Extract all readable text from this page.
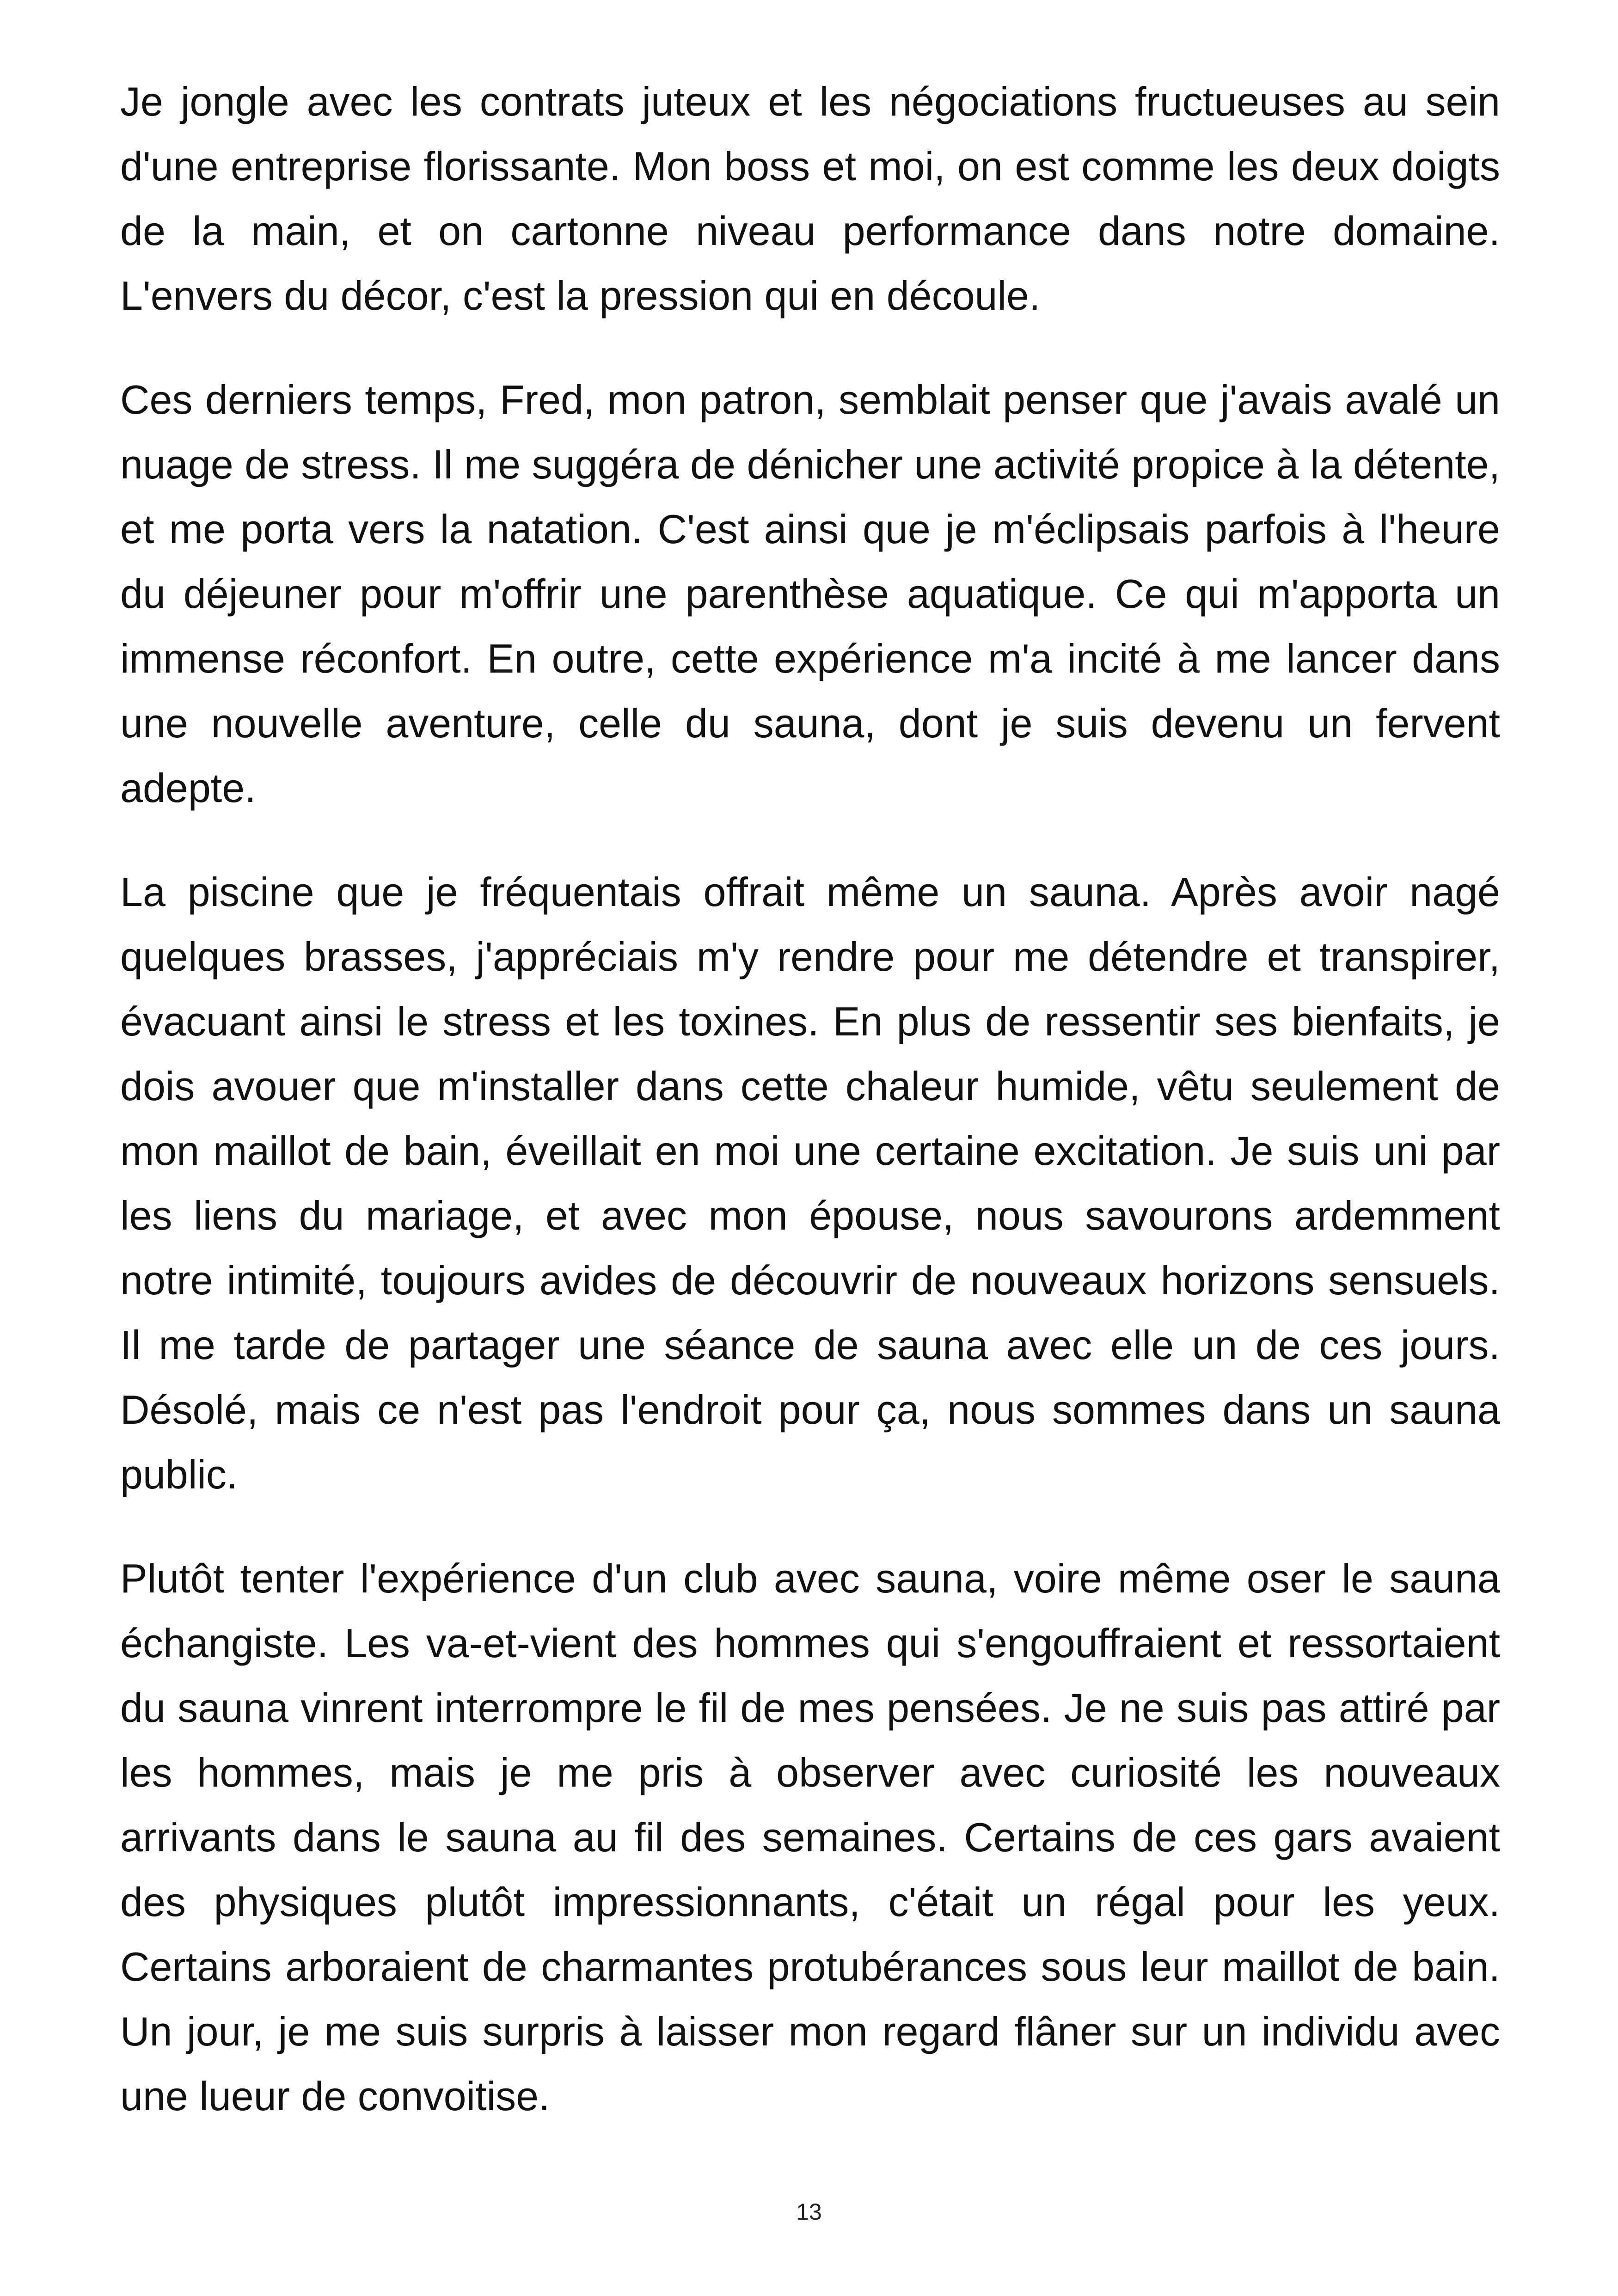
Je jongle avec les contrats juteux et les négociations fructueuses au sein d'une entreprise florissante. Mon boss et moi, on est comme les deux doigts de la main, et on cartonne niveau performance dans notre domaine. L'envers du décor, c'est la pression qui en découle.

Ces derniers temps, Fred, mon patron, semblait penser que j'avais avalé un nuage de stress. Il me suggéra de dénicher une activité propice à la détente, et me porta vers la natation. C'est ainsi que je m'éclipsais parfois à l'heure du déjeuner pour m'offrir une parenthèse aquatique. Ce qui m'apporta un immense réconfort. En outre, cette expérience m'a incité à me lancer dans une nouvelle aventure, celle du sauna, dont je suis devenu un fervent adepte.

La piscine que je fréquentais offrait même un sauna. Après avoir nagé quelques brasses, j'appréciais m'y rendre pour me détendre et transpirer, évacuant ainsi le stress et les toxines. En plus de ressentir ses bienfaits, je dois avouer que m'installer dans cette chaleur humide, vêtu seulement de mon maillot de bain, éveillait en moi une certaine excitation. Je suis uni par les liens du mariage, et avec mon épouse, nous savourons ardemment notre intimité, toujours avides de découvrir de nouveaux horizons sensuels. Il me tarde de partager une séance de sauna avec elle un de ces jours. Désolé, mais ce n'est pas l'endroit pour ça, nous sommes dans un sauna public.

Plutôt tenter l'expérience d'un club avec sauna, voire même oser le sauna échangiste. Les va-et-vient des hommes qui s'engouffraient et ressortaient du sauna vinrent interrompre le fil de mes pensées. Je ne suis pas attiré par les hommes, mais je me pris à observer avec curiosité les nouveaux arrivants dans le sauna au fil des semaines. Certains de ces gars avaient des physiques plutôt impressionnants, c'était un régal pour les yeux. Certains arboraient de charmantes protubérances sous leur maillot de bain. Un jour, je me suis surpris à laisser mon regard flâner sur un individu avec une lueur de convoitise.

13
